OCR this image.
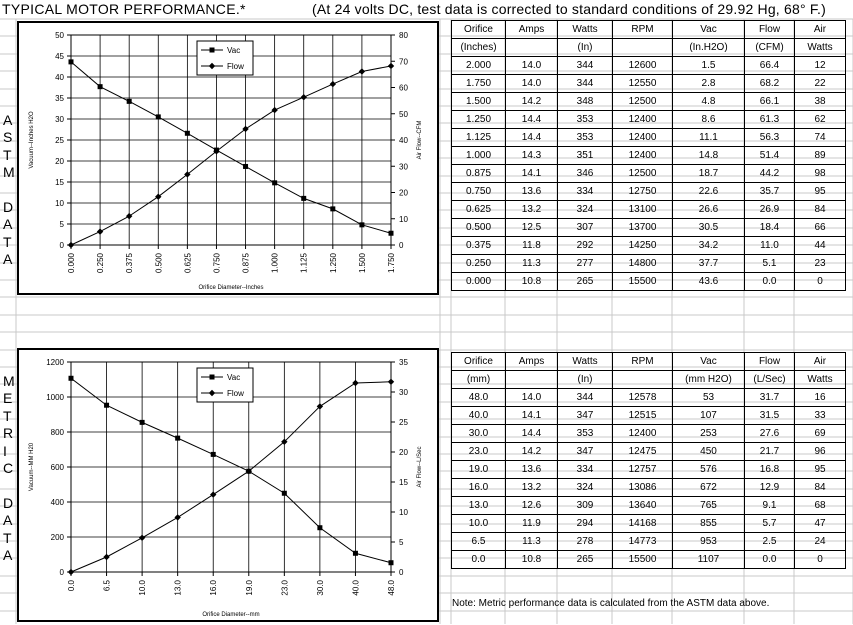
TYPICAL MOTOR PERFORMANCE.*	(At 24 volts DC, test data is corrected to standard conditions of 29.92 Hg, 68° F.)
A
S
T
M
D
A
T
A
M
E
T
R
I
C
D
A
T
A
0
5
10
15
20
25
30
35
40
45
50
0
10
20
30
40
50
60
70
80
0.000	0.250	0.375	0.500	0.625	0.750	0.875	1.000	1.125	1.250	1.500	1.750
Orifice Diameter--Inches
Vacuum--Inches H2O	Air Flow--CFM
Vac
Flow
0
200
400
600
800
1000
1200
0
5
10
15
20
25
30
35
0.0	6.5	10.0	13.0	16.0	19.0	23.0	30.0	40.0	48.0
Orifice Diameter--mm
Vacuum--MM H20	Air Flow--L/Sec
Vac
Flow
Orifice	Amps	Watts	RPM	Vac	Flow	Air
(Inches)		(In)		(In.H2O)	(CFM)	Watts
2.000	14.0	344	12600	1.5	66.4	12
1.750	14.0	344	12550	2.8	68.2	22
1.500	14.2	348	12500	4.8	66.1	38
1.250	14.4	353	12400	8.6	61.3	62
1.125	14.4	353	12400	11.1	56.3	74
1.000	14.3	351	12400	14.8	51.4	89
0.875	14.1	346	12500	18.7	44.2	98
0.750	13.6	334	12750	22.6	35.7	95
0.625	13.2	324	13100	26.6	26.9	84
0.500	12.5	307	13700	30.5	18.4	66
0.375	11.8	292	14250	34.2	11.0	44
0.250	11.3	277	14800	37.7	5.1	23
0.000	10.8	265	15500	43.6	0.0	0
Orifice	Amps	Watts	RPM	Vac	Flow	Air
(mm)		(In)		(mm H2O)	(L/Sec)	Watts
48.0	14.0	344	12578	53	31.7	16
40.0	14.1	347	12515	107	31.5	33
30.0	14.4	353	12400	253	27.6	69
23.0	14.2	347	12475	450	21.7	96
19.0	13.6	334	12757	576	16.8	95
16.0	13.2	324	13086	672	12.9	84
13.0	12.6	309	13640	765	9.1	68
10.0	11.9	294	14168	855	5.7	47
6.5	11.3	278	14773	953	2.5	24
0.0	10.8	265	15500	1107	0.0	0
Note: Metric performance data is calculated from the ASTM data above.
